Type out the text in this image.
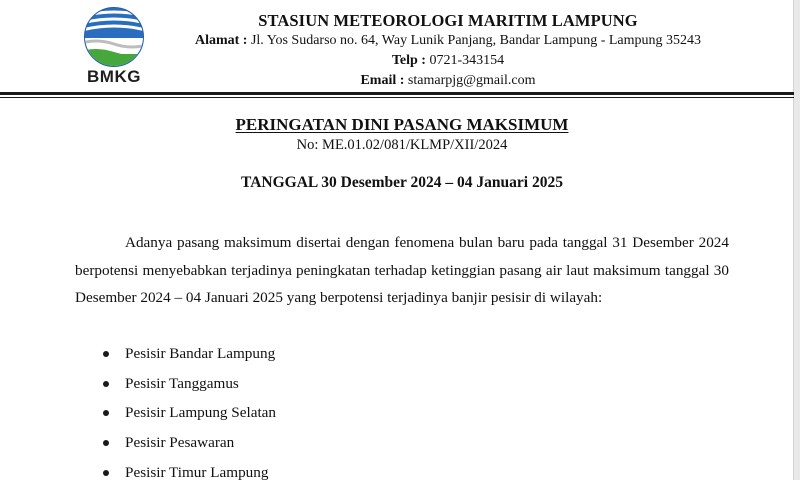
BMKG
STASIUN METEOROLOGI MARITIM LAMPUNG
Alamat : Jl. Yos Sudarso no. 64, Way Lunik Panjang, Bandar Lampung - Lampung 35243
Telp : 0721-343154
Email : stamarpjg@gmail.com
PERINGATAN DINI PASANG MAKSIMUM
No: ME.01.02/081/KLMP/XII/2024
TANGGAL 30 Desember 2024 – 04 Januari 2025

Adanya pasang maksimum disertai dengan fenomena bulan baru pada tanggal 31 Desember 2024 berpotensi menyebabkan terjadinya peningkatan terhadap ketinggian pasang air laut maksimum tanggal 30 Desember 2024 – 04 Januari 2025 yang berpotensi terjadinya banjir pesisir di wilayah:

Pesisir Bandar Lampung
Pesisir Tanggamus
Pesisir Lampung Selatan
Pesisir Pesawaran
Pesisir Timur Lampung
